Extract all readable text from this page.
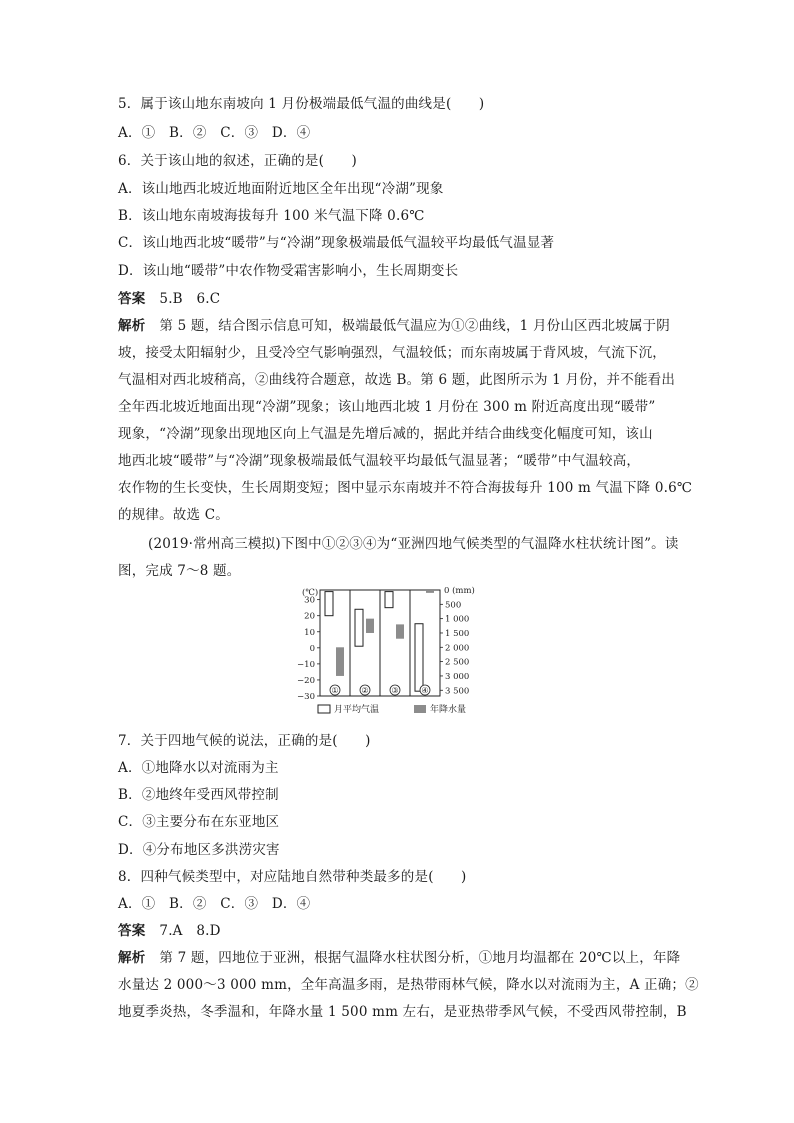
5．属于该山地东南坡向 1 月份极端最低气温的曲线是(　　)
A．①　B．②　C．③　D．④
6．关于该山地的叙述，正确的是(　　)
A．该山地西北坡近地面附近地区全年出现“冷湖”现象
B．该山地东南坡海拔每升 100 米气温下降 0.6℃
C．该山地西北坡“暖带”与“冷湖”现象极端最低气温较平均最低气温显著
D．该山地“暖带”中农作物受霜害影响小，生长周期变长
答案 5.B　6.C
解析 第 5 题，结合图示信息可知，极端最低气温应为①②曲线，1 月份山区西北坡属于阴
坡，接受太阳辐射少，且受冷空气影响强烈，气温较低；而东南坡属于背风坡，气流下沉，
气温相对西北坡稍高，②曲线符合题意，故选 B。第 6 题，此图所示为 1 月份，并不能看出
全年西北坡近地面出现“冷湖”现象；该山地西北坡 1 月份在 300 m 附近高度出现“暖带”
现象，“冷湖”现象出现地区向上气温是先增后减的，据此并结合曲线变化幅度可知，该山
地西北坡“暖带”与“冷湖”现象极端最低气温较平均最低气温显著；“暖带”中气温较高，
农作物的生长变快，生长周期变短；图中显示东南坡并不符合海拔每升 100 m 气温下降 0.6℃
的规律。故选 C。
(2019·常州高三模拟)下图中①②③④为“亚洲四地气候类型的气温降水柱状统计图”。读
图，完成 7～8 题。
(℃)
30
20
10
0
−10
−20
−30
0 (mm)
500
1 000
1 500
2 000
2 500
3 000
3 500
①	②	③	④
月平均气温	年降水量
7．关于四地气候的说法，正确的是(　　)
A．①地降水以对流雨为主
B．②地终年受西风带控制
C．③主要分布在东亚地区
D．④分布地区多洪涝灾害
8．四种气候类型中，对应陆地自然带种类最多的是(　　)
A．①　B．②　C．③　D．④
答案 7.A　8.D
解析 第 7 题，四地位于亚洲，根据气温降水柱状图分析，①地月均温都在 20℃以上，年降
水量达 2 000～3 000 mm，全年高温多雨，是热带雨林气候，降水以对流雨为主，A 正确；②
地夏季炎热，冬季温和，年降水量 1 500 mm 左右，是亚热带季风气候，不受西风带控制，B
